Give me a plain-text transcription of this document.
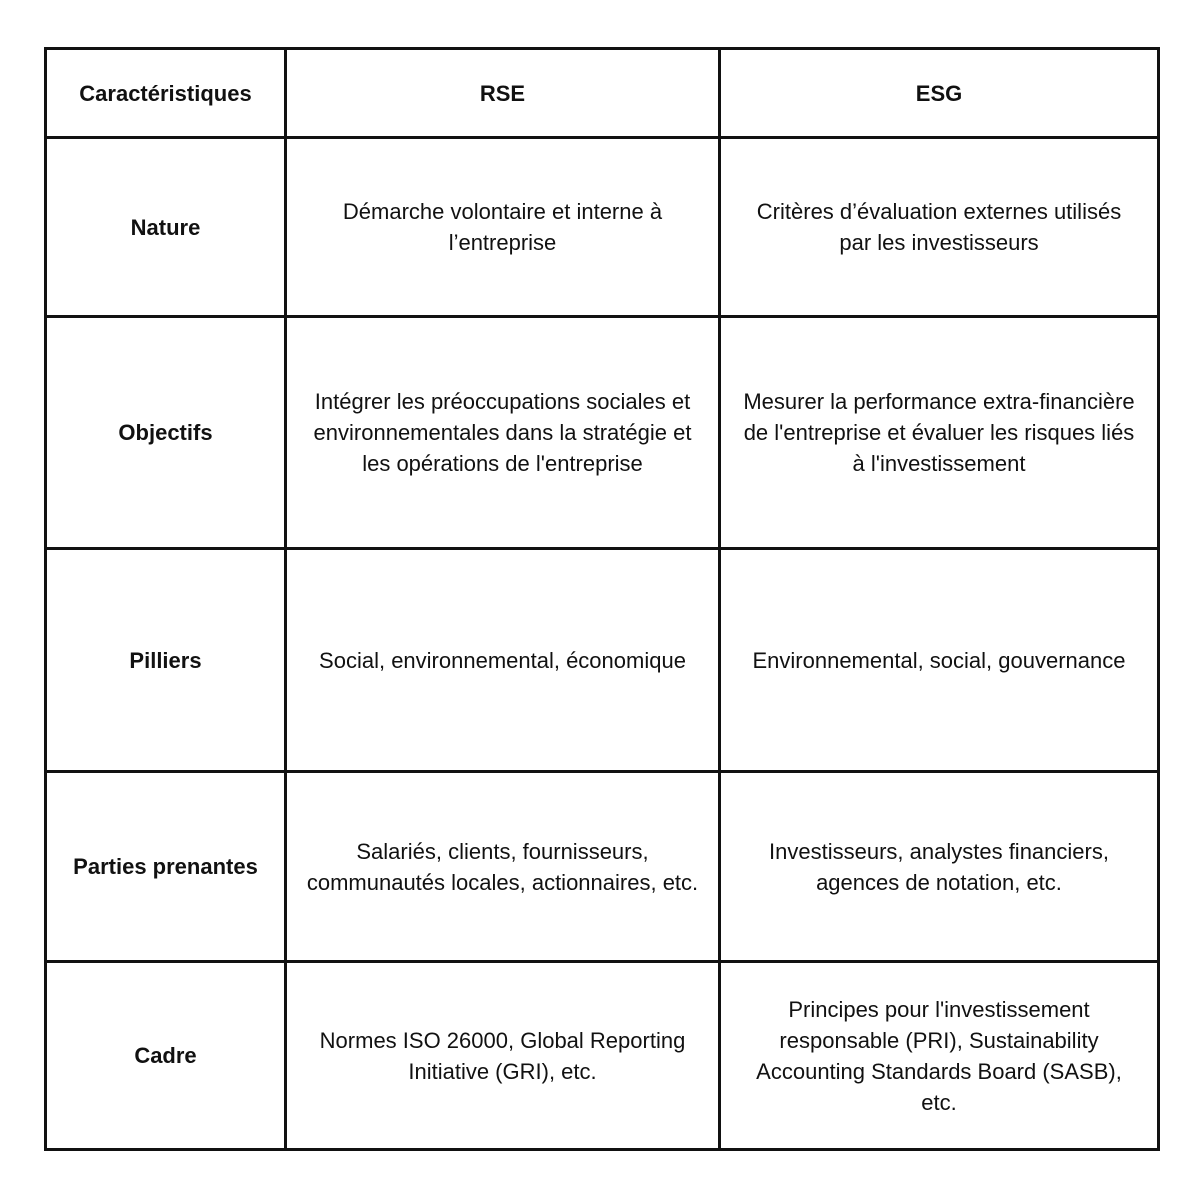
Caractéristiques	RSE	ESG
Nature	Démarche volontaire et interne à l’entreprise	Critères d’évaluation externes utilisés par les investisseurs
Objectifs	Intégrer les préoccupations sociales et environnementales dans la stratégie et les opérations de l'entreprise	Mesurer la performance extra-financière de l'entreprise et évaluer les risques liés à l'investissement
Pilliers	Social, environnemental, économique	Environnemental, social, gouvernance
Parties prenantes	Salariés, clients, fournisseurs, communautés locales, actionnaires, etc.	Investisseurs, analystes financiers, agences de notation, etc.
Cadre	Normes ISO 26000, Global Reporting Initiative (GRI), etc.	Principes pour l'investissement responsable (PRI), Sustainability Accounting Standards Board (SASB), etc.
